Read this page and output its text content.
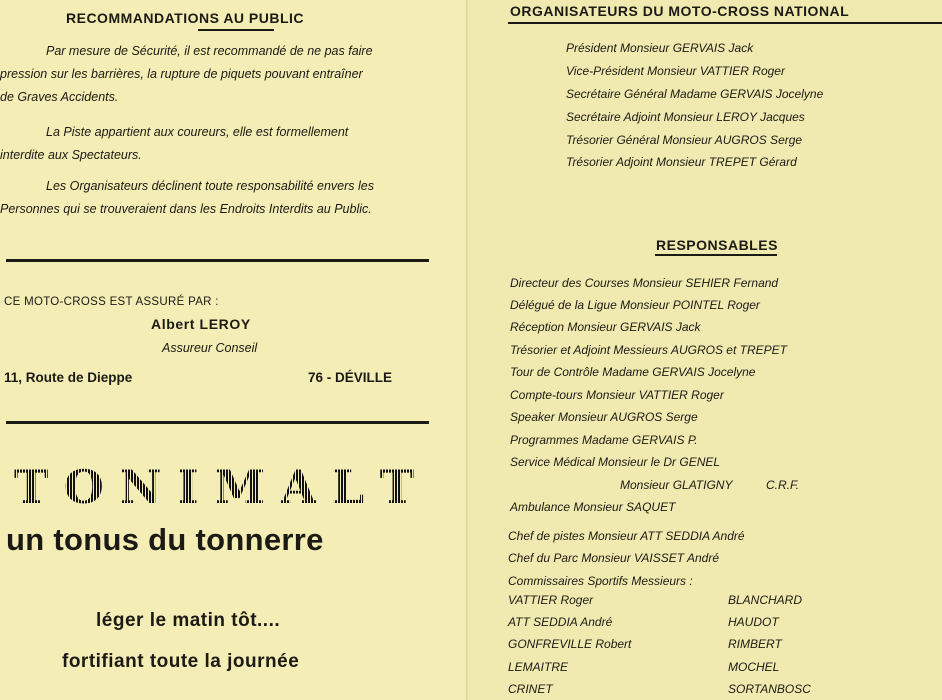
RECOMMANDATIONS AU PUBLIC
Par mesure de Sécurité, il est recommandé de ne pas faire
pression sur les barrières, la rupture de piquets pouvant entraîner
de Graves Accidents.
La Piste appartient aux coureurs, elle est formellement
interdite aux Spectateurs.
Les Organisateurs déclinent toute responsabilité envers les
Personnes qui se trouveraient dans les Endroits Interdits au Public.
CE MOTO-CROSS EST ASSURÉ PAR :
Albert LEROY
Assureur Conseil
11, Route de Dieppe	76 - DÉVILLE
T O N I M A L T
un tonus du tonnerre
léger le matin tôt....
fortifiant toute la journée
ORGANISATEURS DU MOTO-CROSS NATIONAL
Président Monsieur GERVAIS Jack
Vice-Président Monsieur VATTIER Roger
Secrétaire Général Madame GERVAIS Jocelyne
Secrétaire Adjoint Monsieur LEROY Jacques
Trésorier Général Monsieur AUGROS Serge
Trésorier Adjoint Monsieur TREPET Gérard
RESPONSABLES
Directeur des Courses Monsieur SEHIER Fernand
Délégué de la Ligue Monsieur POINTEL Roger
Réception Monsieur GERVAIS Jack
Trésorier et Adjoint Messieurs AUGROS et TREPET
Tour de Contrôle Madame GERVAIS Jocelyne
Compte-tours Monsieur VATTIER Roger
Speaker Monsieur AUGROS Serge
Programmes Madame GERVAIS P.
Service Médical Monsieur le Dr GENEL
Monsieur GLATIGNY	C.R.F.
Ambulance Monsieur SAQUET
Chef de pistes Monsieur ATT SEDDIA André
Chef du Parc Monsieur VAISSET André
Commissaires Sportifs Messieurs :
VATTIER Roger
ATT SEDDIA André
GONFREVILLE Robert
LEMAITRE
CRINET
BLANCHARD
HAUDOT
RIMBERT
MOCHEL
SORTANBOSC
